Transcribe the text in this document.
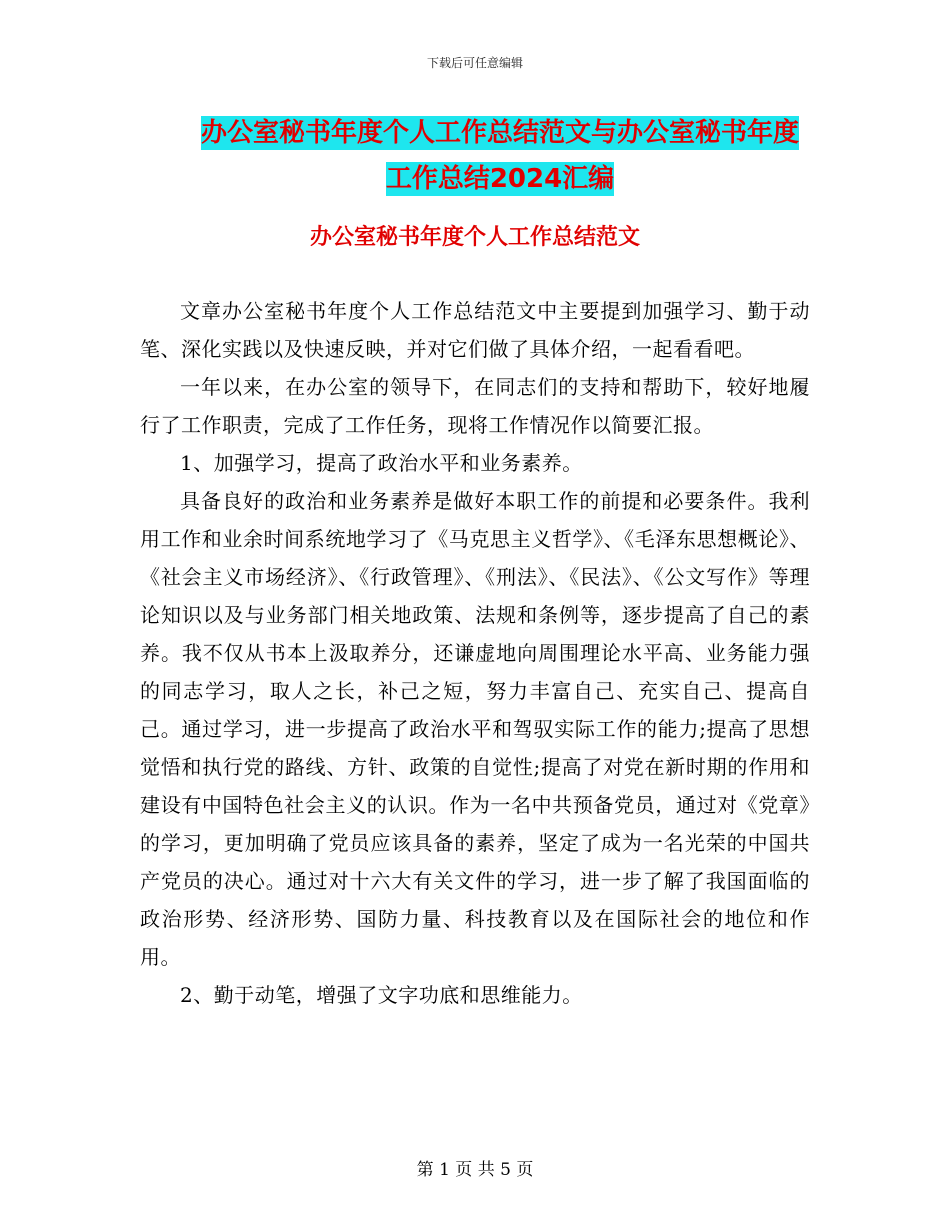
下载后可任意编辑
办公室秘书年度个人工作总结范文与办公室秘书年度
工作总结2024汇编
办公室秘书年度个人工作总结范文

文章办公室秘书年度个人工作总结范文中主要提到加强学习、勤于动笔、深化实践以及快速反映，并对它们做了具体介绍，一起看看吧。

一年以来，在办公室的领导下，在同志们的支持和帮助下，较好地履行了工作职责，完成了工作任务，现将工作情况作以简要汇报。

1、加强学习，提高了政治水平和业务素养。

具备良好的政治和业务素养是做好本职工作的前提和必要条件。我利用工作和业余时间系统地学习了《马克思主义哲学》、《毛泽东思想概论》、《社会主义市场经济》、《行政管理》、《刑法》、《民法》、《公文写作》等理论知识以及与业务部门相关地政策、法规和条例等，逐步提高了自己的素养。我不仅从书本上汲取养分，还谦虚地向周围理论水平高、业务能力强的同志学习，取人之长，补己之短，努力丰富自己、充实自己、提高自己。通过学习，进一步提高了政治水平和驾驭实际工作的能力;提高了思想觉悟和执行党的路线、方针、政策的自觉性;提高了对党在新时期的作用和建设有中国特色社会主义的认识。作为一名中共预备党员，通过对《党章》的学习，更加明确了党员应该具备的素养，坚定了成为一名光荣的中国共产党员的决心。通过对十六大有关文件的学习，进一步了解了我国面临的政治形势、经济形势、国防力量、科技教育以及在国际社会的地位和作用。

2、勤于动笔，增强了文字功底和思维能力。

第 1 页 共 5 页
